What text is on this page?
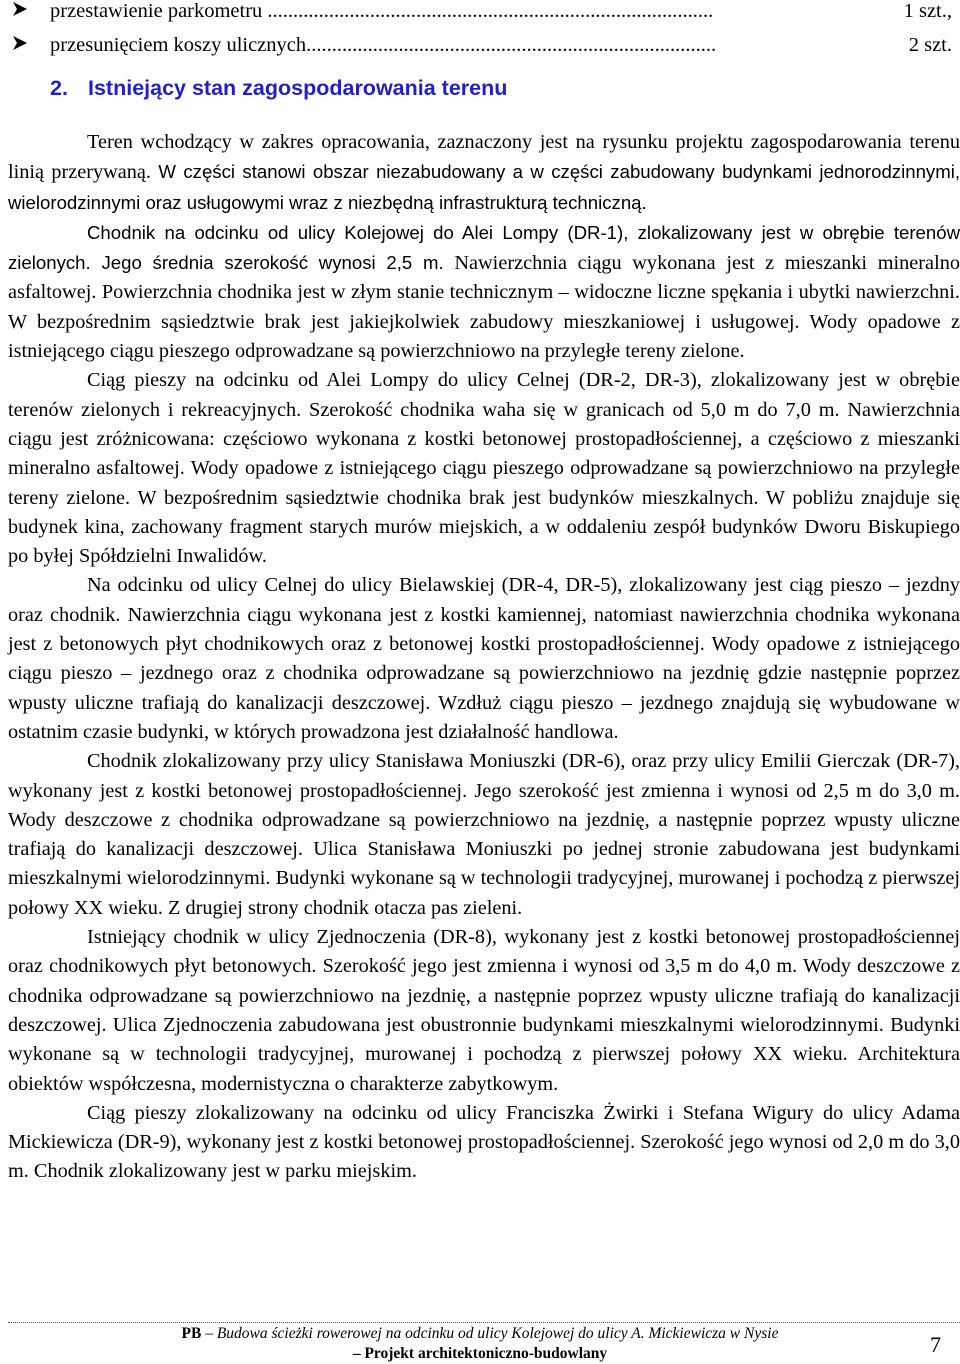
przestawienie parkometru .......................................................................................	1 szt.,
przesunięciem koszy ulicznych................................................................................	2 szt.
2. Istniejący stan zagospodarowania terenu

Teren wchodzący w zakres opracowania, zaznaczony jest na rysunku projektu zagospodarowania terenu linią przerywaną. W części stanowi obszar niezabudowany a w części zabudowany budynkami jednorodzinnymi, wielorodzinnymi oraz usługowymi wraz z niezbędną infrastrukturą techniczną.

Chodnik na odcinku od ulicy Kolejowej do Alei Lompy (DR-1), zlokalizowany jest w obrębie terenów zielonych. Jego średnia szerokość wynosi 2,5 m. Nawierzchnia ciągu wykonana jest z mieszanki mineralno asfaltowej. Powierzchnia chodnika jest w złym stanie technicznym – widoczne liczne spękania i ubytki nawierzchni. W bezpośrednim sąsiedztwie brak jest jakiejkolwiek zabudowy mieszkaniowej i usługowej. Wody opadowe z istniejącego ciągu pieszego odprowadzane są powierzchniowo na przyległe tereny zielone.

Ciąg pieszy na odcinku od Alei Lompy do ulicy Celnej (DR-2, DR-3), zlokalizowany jest w obrębie terenów zielonych i rekreacyjnych. Szerokość chodnika waha się w granicach od 5,0 m do 7,0 m. Nawierzchnia ciągu jest zróżnicowana: częściowo wykonana z kostki betonowej prostopadłościennej, a częściowo z mieszanki mineralno asfaltowej. Wody opadowe z istniejącego ciągu pieszego odprowadzane są powierzchniowo na przyległe tereny zielone. W bezpośrednim sąsiedztwie chodnika brak jest budynków mieszkalnych. W pobliżu znajduje się budynek kina, zachowany fragment starych murów miejskich, a w oddaleniu zespół budynków Dworu Biskupiego po byłej Spółdzielni Inwalidów.

Na odcinku od ulicy Celnej do ulicy Bielawskiej (DR-4, DR-5), zlokalizowany jest ciąg pieszo – jezdny oraz chodnik. Nawierzchnia ciągu wykonana jest z kostki kamiennej, natomiast nawierzchnia chodnika wykonana jest z betonowych płyt chodnikowych oraz z betonowej kostki prostopadłościennej. Wody opadowe z istniejącego ciągu pieszo – jezdnego oraz z chodnika odprowadzane są powierzchniowo na jezdnię gdzie następnie poprzez wpusty uliczne trafiają do kanalizacji deszczowej. Wzdłuż ciągu pieszo – jezdnego znajdują się wybudowane w ostatnim czasie budynki, w których prowadzona jest działalność handlowa.

Chodnik zlokalizowany przy ulicy Stanisława Moniuszki (DR-6), oraz przy ulicy Emilii Gierczak (DR-7), wykonany jest z kostki betonowej prostopadłościennej. Jego szerokość jest zmienna i wynosi od 2,5 m do 3,0 m. Wody deszczowe z chodnika odprowadzane są powierzchniowo na jezdnię, a następnie poprzez wpusty uliczne trafiają do kanalizacji deszczowej. Ulica Stanisława Moniuszki po jednej stronie zabudowana jest budynkami mieszkalnymi wielorodzinnymi. Budynki wykonane są w technologii tradycyjnej, murowanej i pochodzą z pierwszej połowy XX wieku. Z drugiej strony chodnik otacza pas zieleni.

Istniejący chodnik w ulicy Zjednoczenia (DR-8), wykonany jest z kostki betonowej prostopadłościennej oraz chodnikowych płyt betonowych. Szerokość jego jest zmienna i wynosi od 3,5 m do 4,0 m. Wody deszczowe z chodnika odprowadzane są powierzchniowo na jezdnię, a następnie poprzez wpusty uliczne trafiają do kanalizacji deszczowej. Ulica Zjednoczenia zabudowana jest obustronnie budynkami mieszkalnymi wielorodzinnymi. Budynki wykonane są w technologii tradycyjnej, murowanej i pochodzą z pierwszej połowy XX wieku. Architektura obiektów współczesna, modernistyczna o charakterze zabytkowym.

Ciąg pieszy zlokalizowany na odcinku od ulicy Franciszka Żwirki i Stefana Wigury do ulicy Adama Mickiewicza (DR-9), wykonany jest z kostki betonowej prostopadłościennej. Szerokość jego wynosi od 2,0 m do 3,0 m. Chodnik zlokalizowany jest w parku miejskim.

PB – Budowa ścieżki rowerowej na odcinku od ulicy Kolejowej do ulicy A. Mickiewicza w Nysie
– Projekt architektoniczno-budowlany	7
